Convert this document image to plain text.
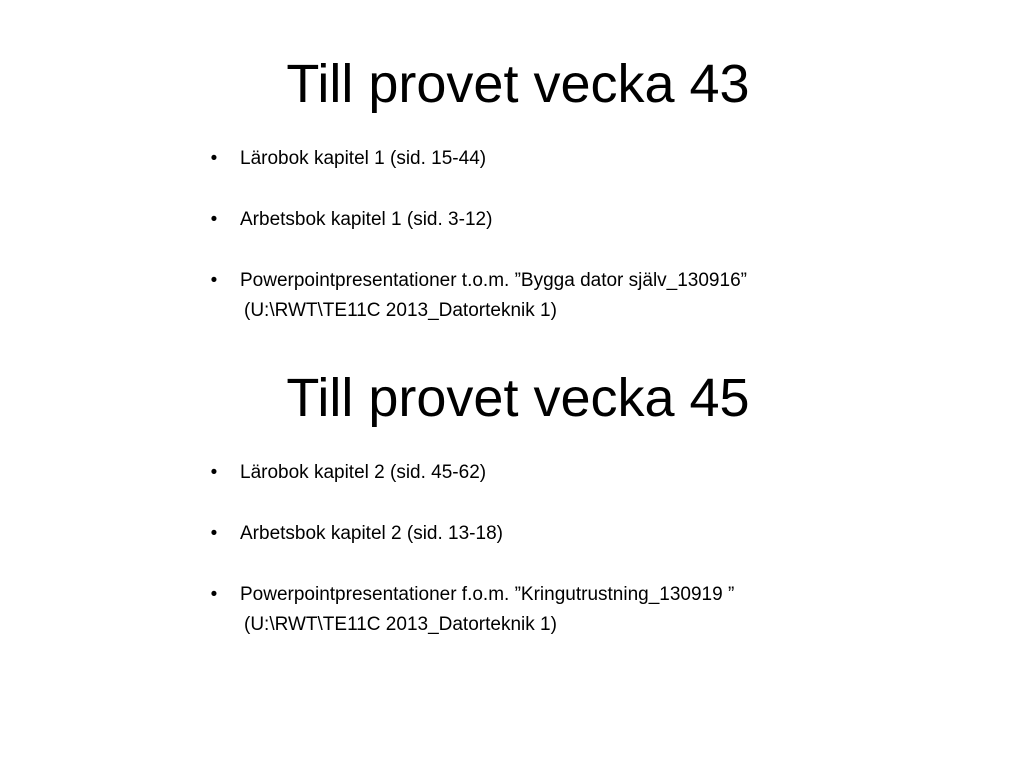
Till provet vecka 43
• Lärobok kapitel 1 (sid. 15-44)
• Arbetsbok kapitel 1 (sid. 3-12)
• Powerpointpresentationer t.o.m. ”Bygga dator själv_130916”
(U:\RWT\TE11C 2013_Datorteknik 1)
Till provet vecka 45
• Lärobok kapitel 2 (sid. 45-62)
• Arbetsbok kapitel 2 (sid. 13-18)
• Powerpointpresentationer f.o.m. ”Kringutrustning_130919 ”
(U:\RWT\TE11C 2013_Datorteknik 1)
